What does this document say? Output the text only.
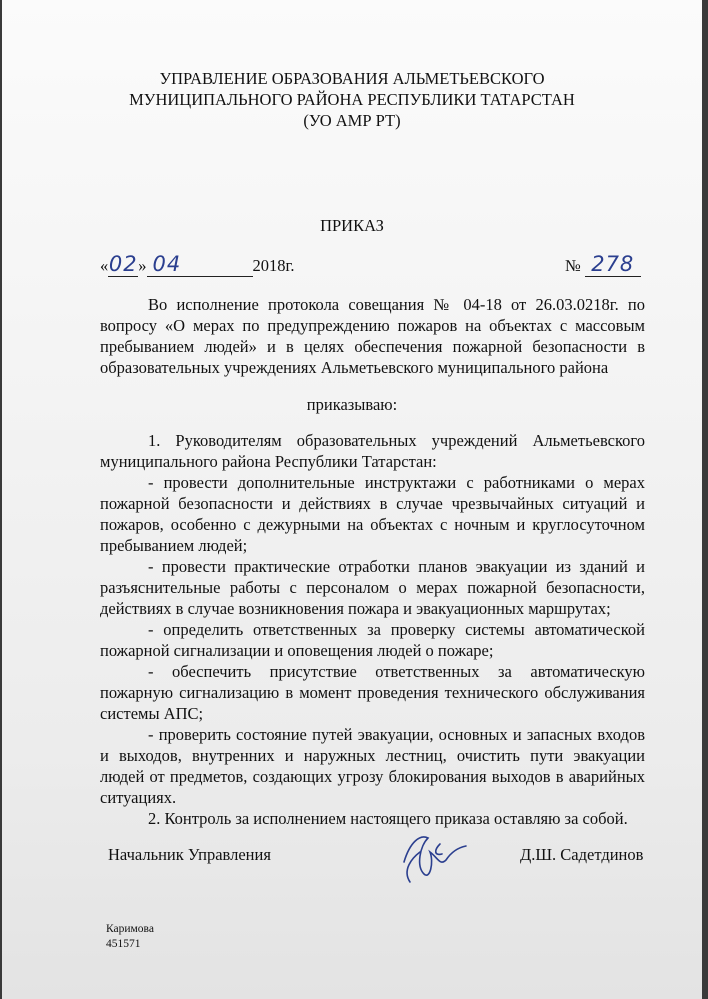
УПРАВЛЕНИЕ ОБРАЗОВАНИЯ АЛЬМЕТЬЕВСКОГО
МУНИЦИПАЛЬНОГО РАЙОНА РЕСПУБЛИКИ ТАТАРСТАН
(УО АМР РТ)
ПРИКАЗ
«02» 04	2018г.	№ 278

Во исполнение протокола совещания № 04-18 от 26.03.0218г. по вопросу «О мерах по предупреждению пожаров на объектах с массовым пребыванием людей» и в целях обеспечения пожарной безопасности в образовательных учреждениях Альметьевского муниципального района

приказываю:

1. Руководителям образовательных учреждений Альметьевского муниципального района Республики Татарстан:

- провести дополнительные инструктажи с работниками о мерах пожарной безопасности и действиях в случае чрезвычайных ситуаций и пожаров, особенно с дежурными на объектах с ночным и круглосуточном пребыванием людей;

- провести практические отработки планов эвакуации из зданий и разъяснительные работы с персоналом о мерах пожарной безопасности, действиях в случае возникновения пожара и эвакуационных маршрутах;

- определить ответственных за проверку системы автоматической пожарной сигнализации и оповещения людей о пожаре;

- обеспечить присутствие ответственных за автоматическую пожарную сигнализацию в момент проведения технического обслуживания системы АПС;

- проверить состояние путей эвакуации, основных и запасных входов и выходов, внутренних и наружных лестниц, очистить пути эвакуации людей от предметов, создающих угрозу блокирования выходов в аварийных ситуациях.

2. Контроль за исполнением настоящего приказа оставляю за собой.

Начальник Управления	Д.Ш. Садетдинов
Каримова
451571
